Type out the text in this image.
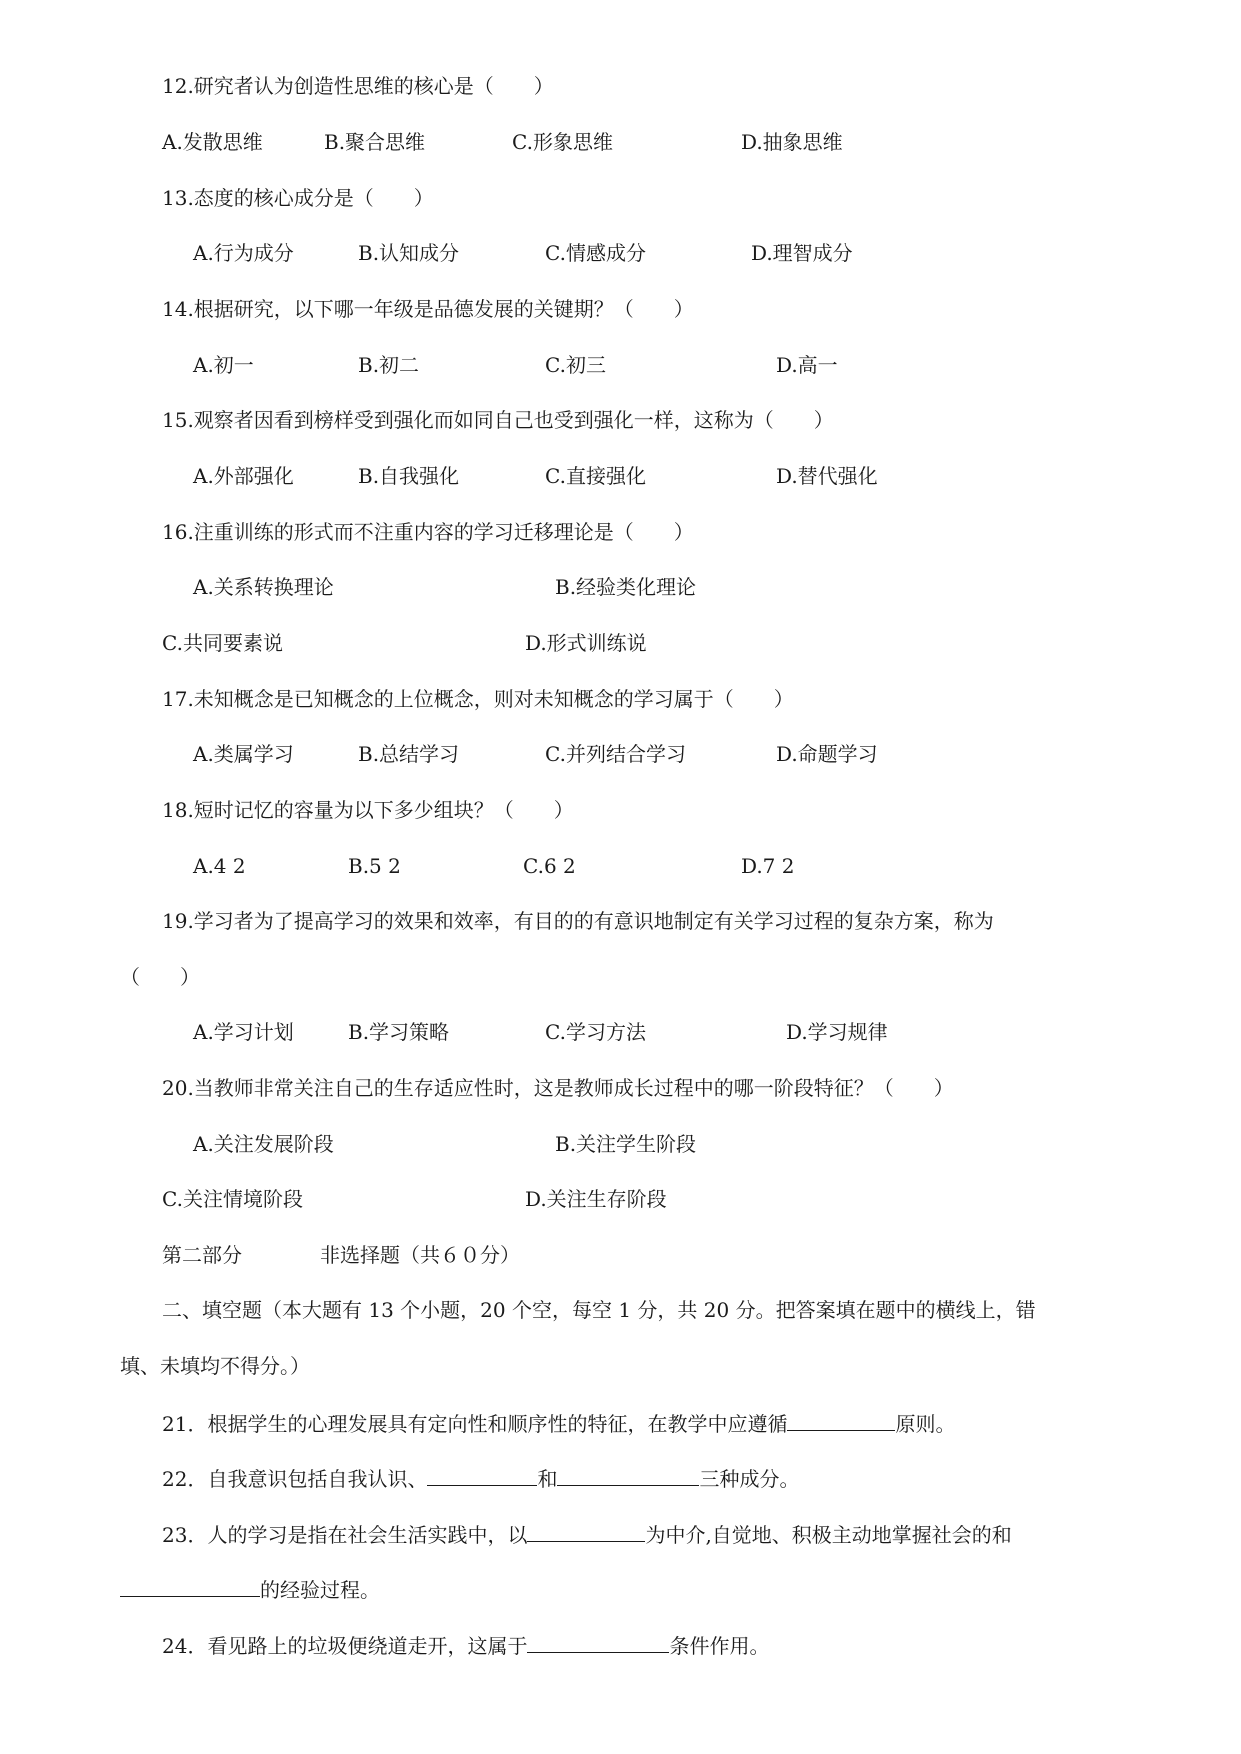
12.研究者认为创造性思维的核心是（　　）
A.发散思维	B.聚合思维	C.形象思维	D.抽象思维
13.态度的核心成分是（　　）
A.行为成分	B.认知成分	C.情感成分	D.理智成分
14.根据研究，以下哪一年级是品德发展的关键期？（　　）
A.初一	B.初二	C.初三	D.高一
15.观察者因看到榜样受到强化而如同自己也受到强化一样，这称为（　　）
A.外部强化	B.自我强化	C.直接强化	D.替代强化
16.注重训练的形式而不注重内容的学习迁移理论是（　　）
A.关系转换理论	B.经验类化理论
C.共同要素说	D.形式训练说
17.未知概念是已知概念的上位概念，则对未知概念的学习属于（　　）
A.类属学习	B.总结学习	C.并列结合学习	D.命题学习
18.短时记忆的容量为以下多少组块？（　　）
A.4 2	B.5 2	C.6 2	D.7 2
19.学习者为了提高学习的效果和效率，有目的的有意识地制定有关学习过程的复杂方案，称为
（　　）
A.学习计划	B.学习策略	C.学习方法	D.学习规律
20.当教师非常关注自己的生存适应性时，这是教师成长过程中的哪一阶段特征？（　　）
A.关注发展阶段	B.关注学生阶段
C.关注情境阶段	D.关注生存阶段
第二部分	非选择题（共６０分）
二、填空题（本大题有 13 个小题，20 个空，每空 1 分，共 20 分。把答案填在题中的横线上，错
填、未填均不得分。）
21．根据学生的心理发展具有定向性和顺序性的特征，在教学中应遵循	原则。
22．自我意识包括自我认识、	和	三种成分。
23．人的学习是指在社会生活实践中，以	为中介,自觉地、积极主动地掌握社会的和
的经验过程。
24．看见路上的垃圾便绕道走开，这属于	条件作用。
